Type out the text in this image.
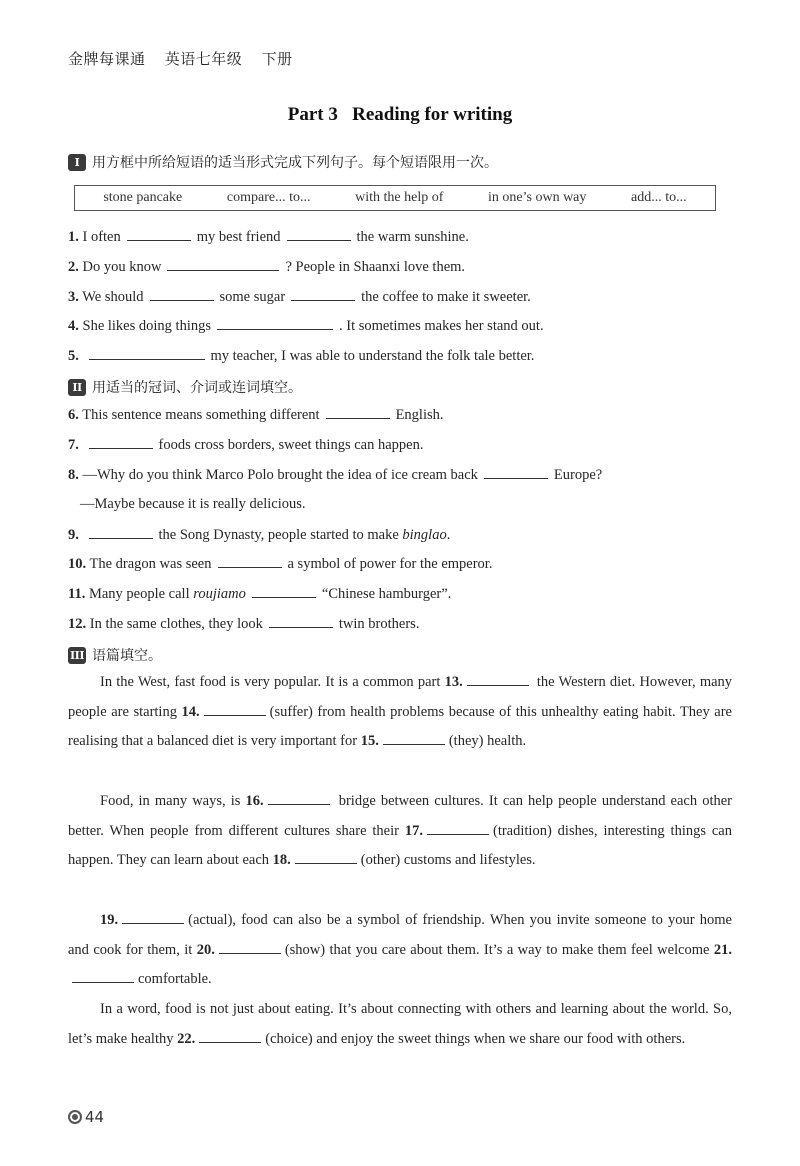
金牌每课通 英语七年级 下册
Part 3   Reading for writing
I 用方框中所给短语的适当形式完成下列句子。每个短语限用一次。
stone pancake	compare... to...	with the help of	in one’s own way	add... to...
1. I often	my best friend	the warm sunshine.
2. Do you know	? People in Shaanxi love them.
3. We should	some sugar	the coffee to make it sweeter.
4. She likes doing things	. It sometimes makes her stand out.
5.	my teacher, I was able to understand the folk tale better.
II 用适当的冠词、介词或连词填空。
6. This sentence means something different	English.
7.	foods cross borders, sweet things can happen.
8. —Why do you think Marco Polo brought the idea of ice cream back	Europe?
—Maybe because it is really delicious.
9.	the Song Dynasty, people started to make binglao.
10. The dragon was seen	a symbol of power for the emperor.
11. Many people call roujiamo	“Chinese hamburger”.
12. In the same clothes, they look	twin brothers.
III 语篇填空。
In the West, fast food is very popular. It is a common part 13.	the Western diet. However, many people are starting 14.	(suffer) from health problems because of this unhealthy eating habit. They are realising that a balanced diet is very important for 15.	(they) health.
Food, in many ways, is 16.	bridge between cultures. It can help people understand each other better. When people from different cultures share their 17.	(tradition) dishes, interesting things can happen. They can learn about each 18.	(other) customs and lifestyles.
19.	(actual), food can also be a symbol of friendship. When you invite someone to your home and cook for them, it 20.	(show) that you care about them. It’s a way to make them feel welcome 21.comfortable.
In a word, food is not just about eating. It’s about connecting with others and learning about the world. So, let’s make healthy 22.	(choice) and enjoy the sweet things when we share our food with others.
44
